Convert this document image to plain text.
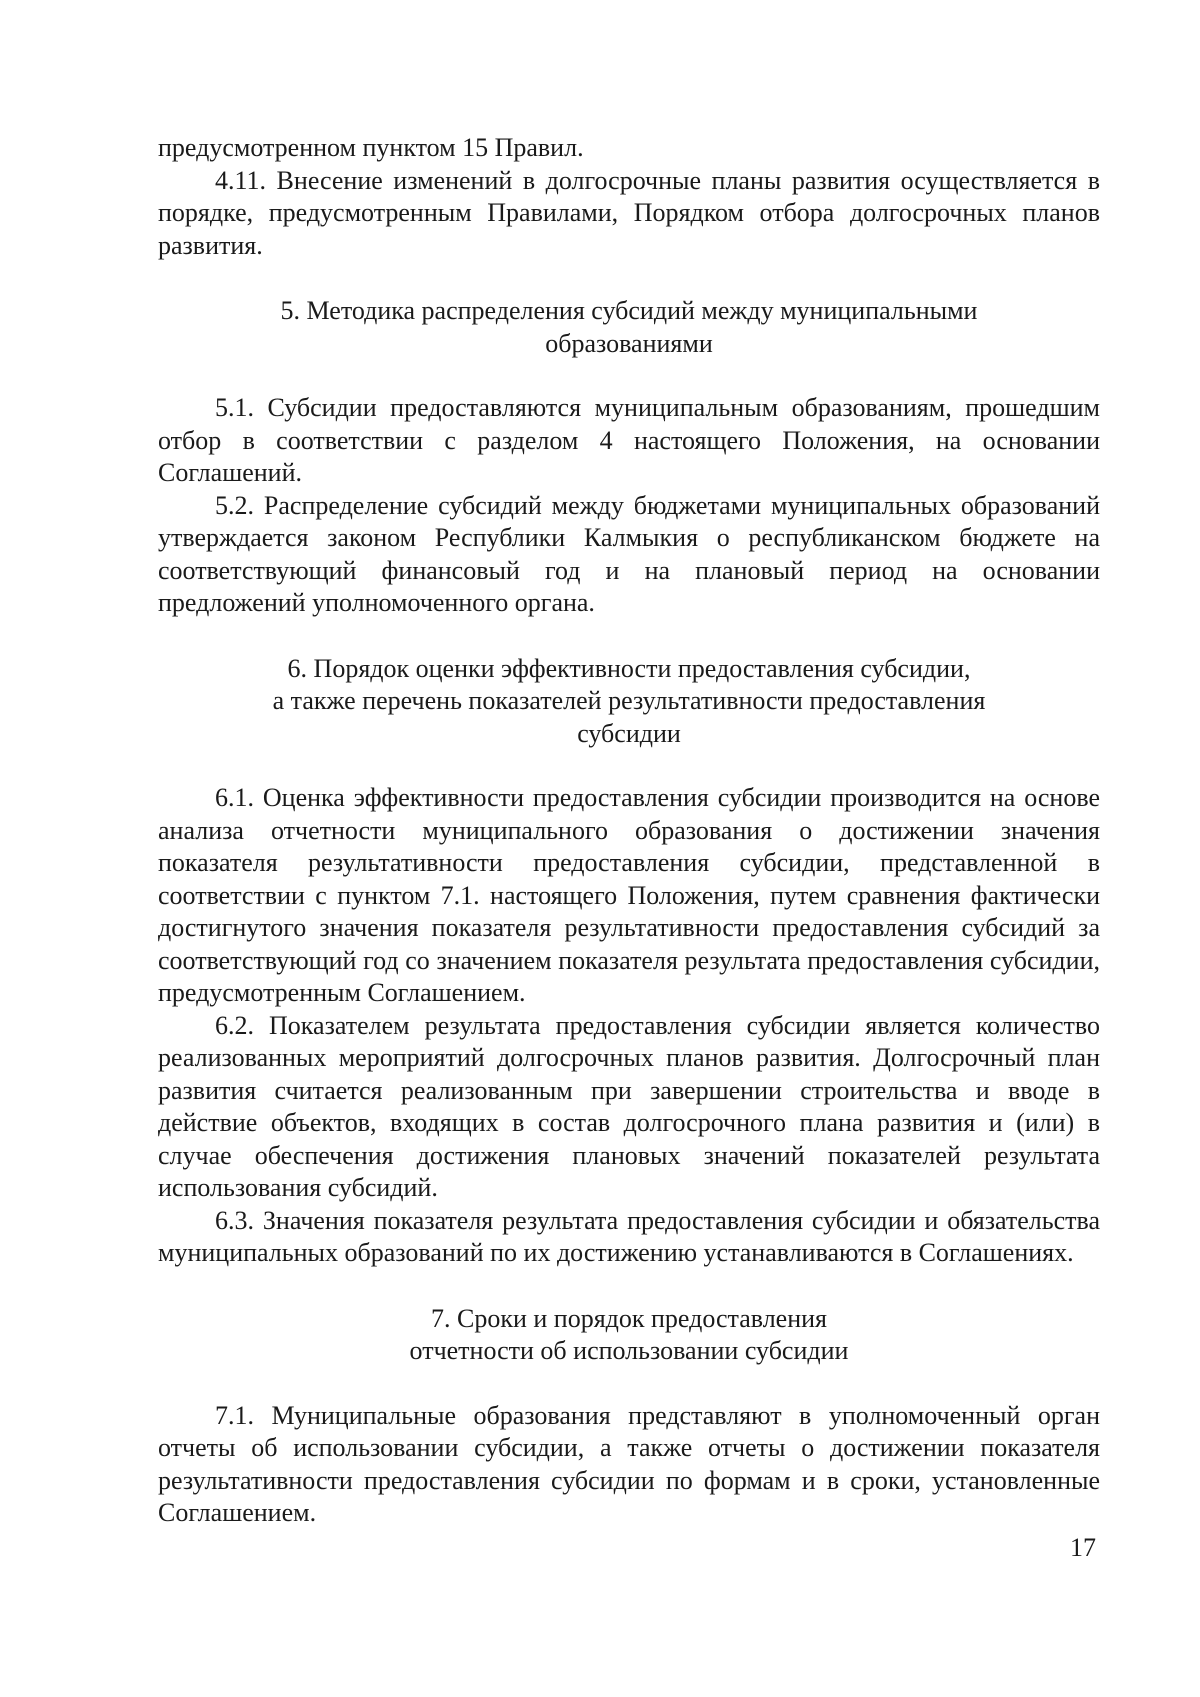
предусмотренном пунктом 15 Правил.

4.11. Внесение изменений в долгосрочные планы развития осуществляется в порядке, предусмотренным Правилами, Порядком отбора долгосрочных планов развития.

5. Методика распределения субсидий между муниципальными
образованиями

5.1. Субсидии предоставляются муниципальным образованиям, прошедшим отбор в соответствии с разделом 4 настоящего Положения, на основании Соглашений.

5.2. Распределение субсидий между бюджетами муниципальных образований утверждается законом Республики Калмыкия о республиканском бюджете на соответствующий финансовый год и на плановый период на основании предложений уполномоченного органа.

6. Порядок оценки эффективности предоставления субсидии,
а также перечень показателей результативности предоставления
субсидии

6.1. Оценка эффективности предоставления субсидии производится на основе анализа отчетности муниципального образования о достижении значения показателя результативности предоставления субсидии, представленной в соответствии с пунктом 7.1. настоящего Положения, путем сравнения фактически достигнутого значения показателя результативности предоставления субсидий за соответствующий год со значением показателя результата предоставления субсидии, предусмотренным Соглашением.

6.2. Показателем результата предоставления субсидии является количество реализованных мероприятий долгосрочных планов развития. Долгосрочный план развития считается реализованным при завершении строительства и вводе в действие объектов, входящих в состав долгосрочного плана развития и (или) в случае обеспечения достижения плановых значений показателей результата использования субсидий.

6.3. Значения показателя результата предоставления субсидии и обязательства муниципальных образований по их достижению устанавливаются в Соглашениях.

7. Сроки и порядок предоставления
отчетности об использовании субсидии

7.1. Муниципальные образования представляют в уполномоченный орган отчеты об использовании субсидии, а также отчеты о достижении показателя результативности предоставления субсидии по формам и в сроки, установленные Соглашением.

17
